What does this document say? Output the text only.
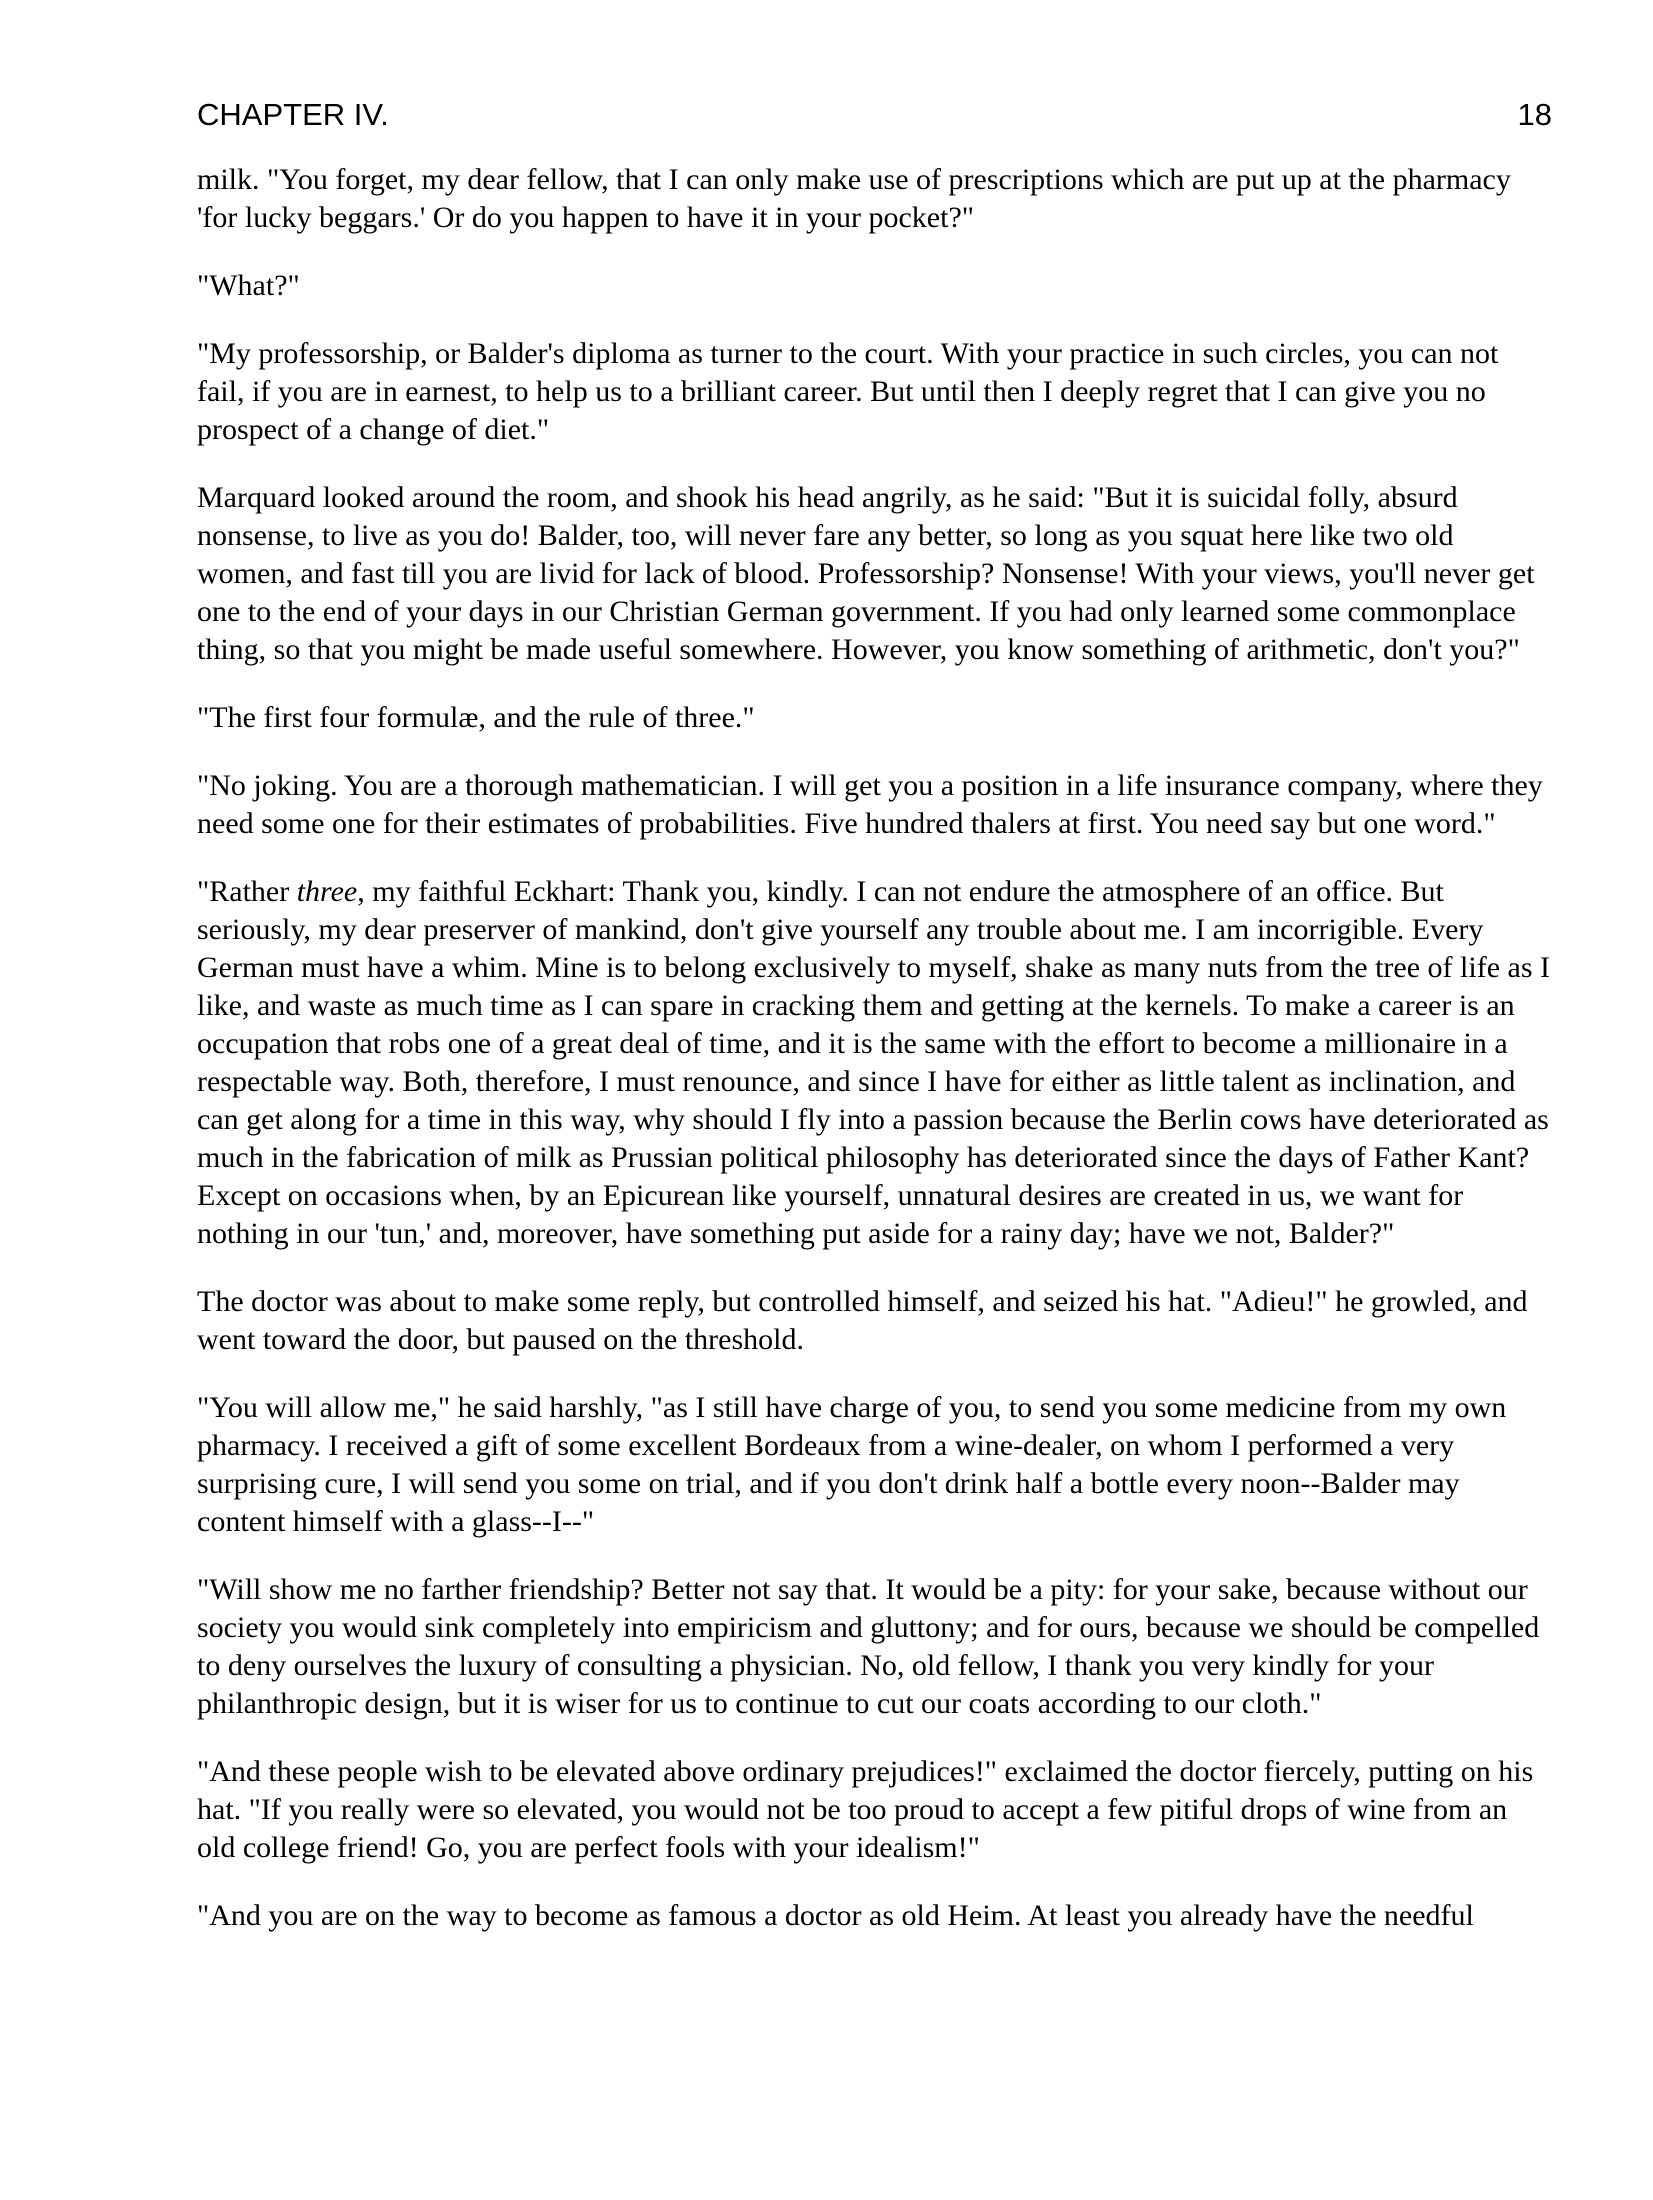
CHAPTER IV.	18

milk. "You forget, my dear fellow, that I can only make use of prescriptions which are put up at the pharmacy 'for lucky beggars.' Or do you happen to have it in your pocket?"

"What?"

"My professorship, or Balder's diploma as turner to the court. With your practice in such circles, you can not fail, if you are in earnest, to help us to a brilliant career. But until then I deeply regret that I can give you no prospect of a change of diet."

Marquard looked around the room, and shook his head angrily, as he said: "But it is suicidal folly, absurd nonsense, to live as you do! Balder, too, will never fare any better, so long as you squat here like two old women, and fast till you are livid for lack of blood. Professorship? Nonsense! With your views, you'll never get one to the end of your days in our Christian German government. If you had only learned some commonplace thing, so that you might be made useful somewhere. However, you know something of arithmetic, don't you?"

"The first four formulæ, and the rule of three."

"No joking. You are a thorough mathematician. I will get you a position in a life insurance company, where they need some one for their estimates of probabilities. Five hundred thalers at first. You need say but one word."

"Rather three, my faithful Eckhart: Thank you, kindly. I can not endure the atmosphere of an office. But seriously, my dear preserver of mankind, don't give yourself any trouble about me. I am incorrigible. Every German must have a whim. Mine is to belong exclusively to myself, shake as many nuts from the tree of life as I like, and waste as much time as I can spare in cracking them and getting at the kernels. To make a career is an occupation that robs one of a great deal of time, and it is the same with the effort to become a millionaire in a respectable way. Both, therefore, I must renounce, and since I have for either as little talent as inclination, and can get along for a time in this way, why should I fly into a passion because the Berlin cows have deteriorated as much in the fabrication of milk as Prussian political philosophy has deteriorated since the days of Father Kant? Except on occasions when, by an Epicurean like yourself, unnatural desires are created in us, we want for nothing in our 'tun,' and, moreover, have something put aside for a rainy day; have we not, Balder?"

The doctor was about to make some reply, but controlled himself, and seized his hat. "Adieu!" he growled, and went toward the door, but paused on the threshold.

"You will allow me," he said harshly, "as I still have charge of you, to send you some medicine from my own pharmacy. I received a gift of some excellent Bordeaux from a wine-dealer, on whom I performed a very surprising cure, I will send you some on trial, and if you don't drink half a bottle every noon--Balder may content himself with a glass--I--"

"Will show me no farther friendship? Better not say that. It would be a pity: for your sake, because without our society you would sink completely into empiricism and gluttony; and for ours, because we should be compelled to deny ourselves the luxury of consulting a physician. No, old fellow, I thank you very kindly for your philanthropic design, but it is wiser for us to continue to cut our coats according to our cloth."

"And these people wish to be elevated above ordinary prejudices!" exclaimed the doctor fiercely, putting on his hat. "If you really were so elevated, you would not be too proud to accept a few pitiful drops of wine from an old college friend! Go, you are perfect fools with your idealism!"

"And you are on the way to become as famous a doctor as old Heim. At least you already have the needful
